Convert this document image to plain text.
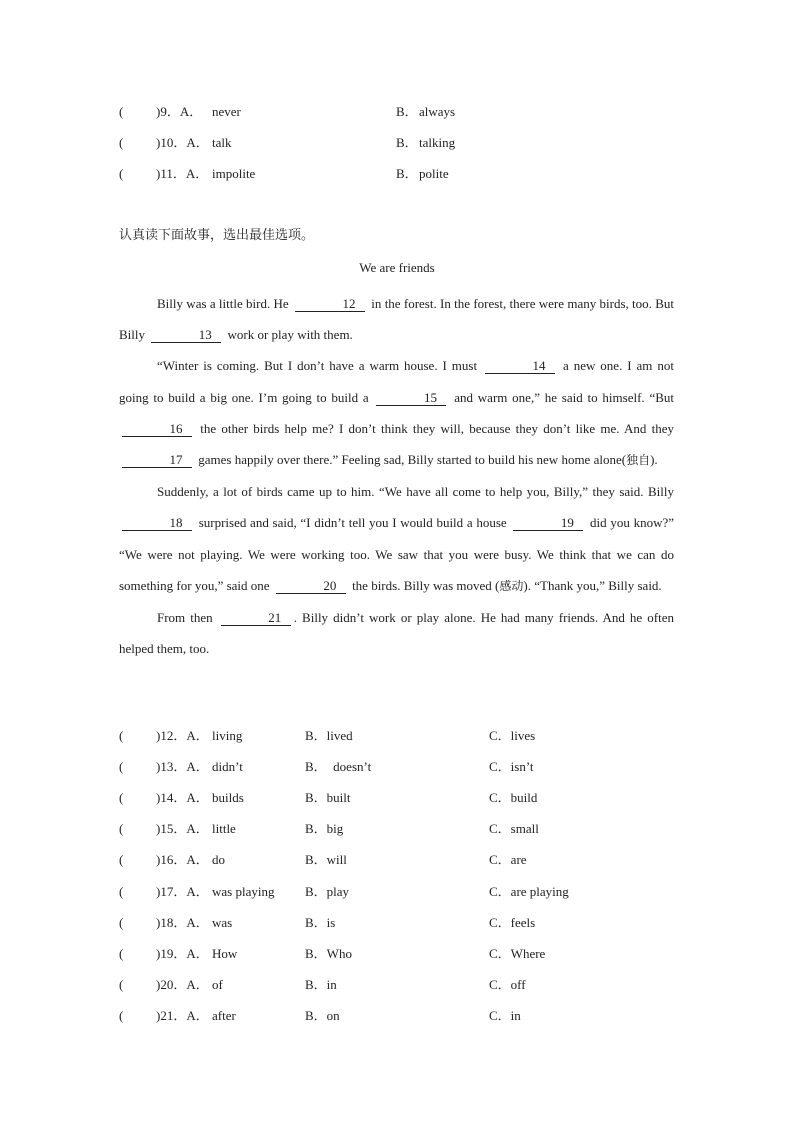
(	)9．A． never	B． always
(	)10．A． talk	B． talking
(	)11．A． impolite	B． polite
认真读下面故事，选出最佳选项。
We are friends

Billy was a little bird. He	12 in the forest. In the forest, there were many birds, too. But Billy	13 work or play with them.

“Winter is coming. But I don’t have a warm house. I must	14 a new one. I am not going to build a big one. I’m going to build a	15 and warm one,” he said to himself. “But 16 the other birds help me? I don’t think they will, because they don’t like me. And they 17 games happily over there.” Feeling sad, Billy started to build his new home alone(独自).

Suddenly, a lot of birds came up to him. “We have all come to help you, Billy,” they said. Billy 18 surprised and said, “I didn’t tell you I would build a house	19 did you know?” “We were not playing. We were working too. We saw that you were busy. We think that we can do something for you,” said one	20 the birds. Billy was moved (感动). “Thank you,” Billy said.

From then	21 . Billy didn’t work or play alone. He had many friends. And he often helped them, too.

(	)12．A． living	B．lived	C．lives
(	)13．A． didn’t	B．  doesn’t	C．isn’t
(	)14．A． builds	B．built	C．build
(	)15．A． little	B．big	C．small
(	)16．A． do	B．will	C．are
(	)17．A． was playing B．play	C．are playing
(	)18．A． was	B．is	C．feels
(	)19．A． How	B．Who	C．Where
(	)20．A． of	B．in	C．off
(	)21．A． after	B．on	C．in
